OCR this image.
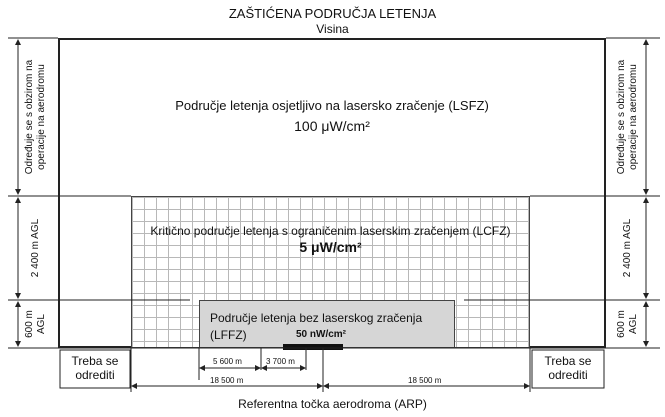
ZAŠTIĆENA PODRUČJA LETENJA
Visina
Područje letenja osjetljivo na lasersko zračenje (LSFZ)
100 μW/cm²
Kritično područje letenja s ograničenim laserskim zračenjem (LCFZ)
5 μW/cm²
Područje letenja bez laserskog zračenja
(LFFZ)	50 nW/cm²
Određuje se s obzirom na operacije na aerodromu
2 400 m AGL
600 m AGL
Određuje se s obzirom na operacije na aerodromu
2 400 m AGL
600 m AGL
Treba se odrediti
Treba se odrediti
5 600 m	3 700 m
18 500 m	18 500 m
Referentna točka aerodroma (ARP)
